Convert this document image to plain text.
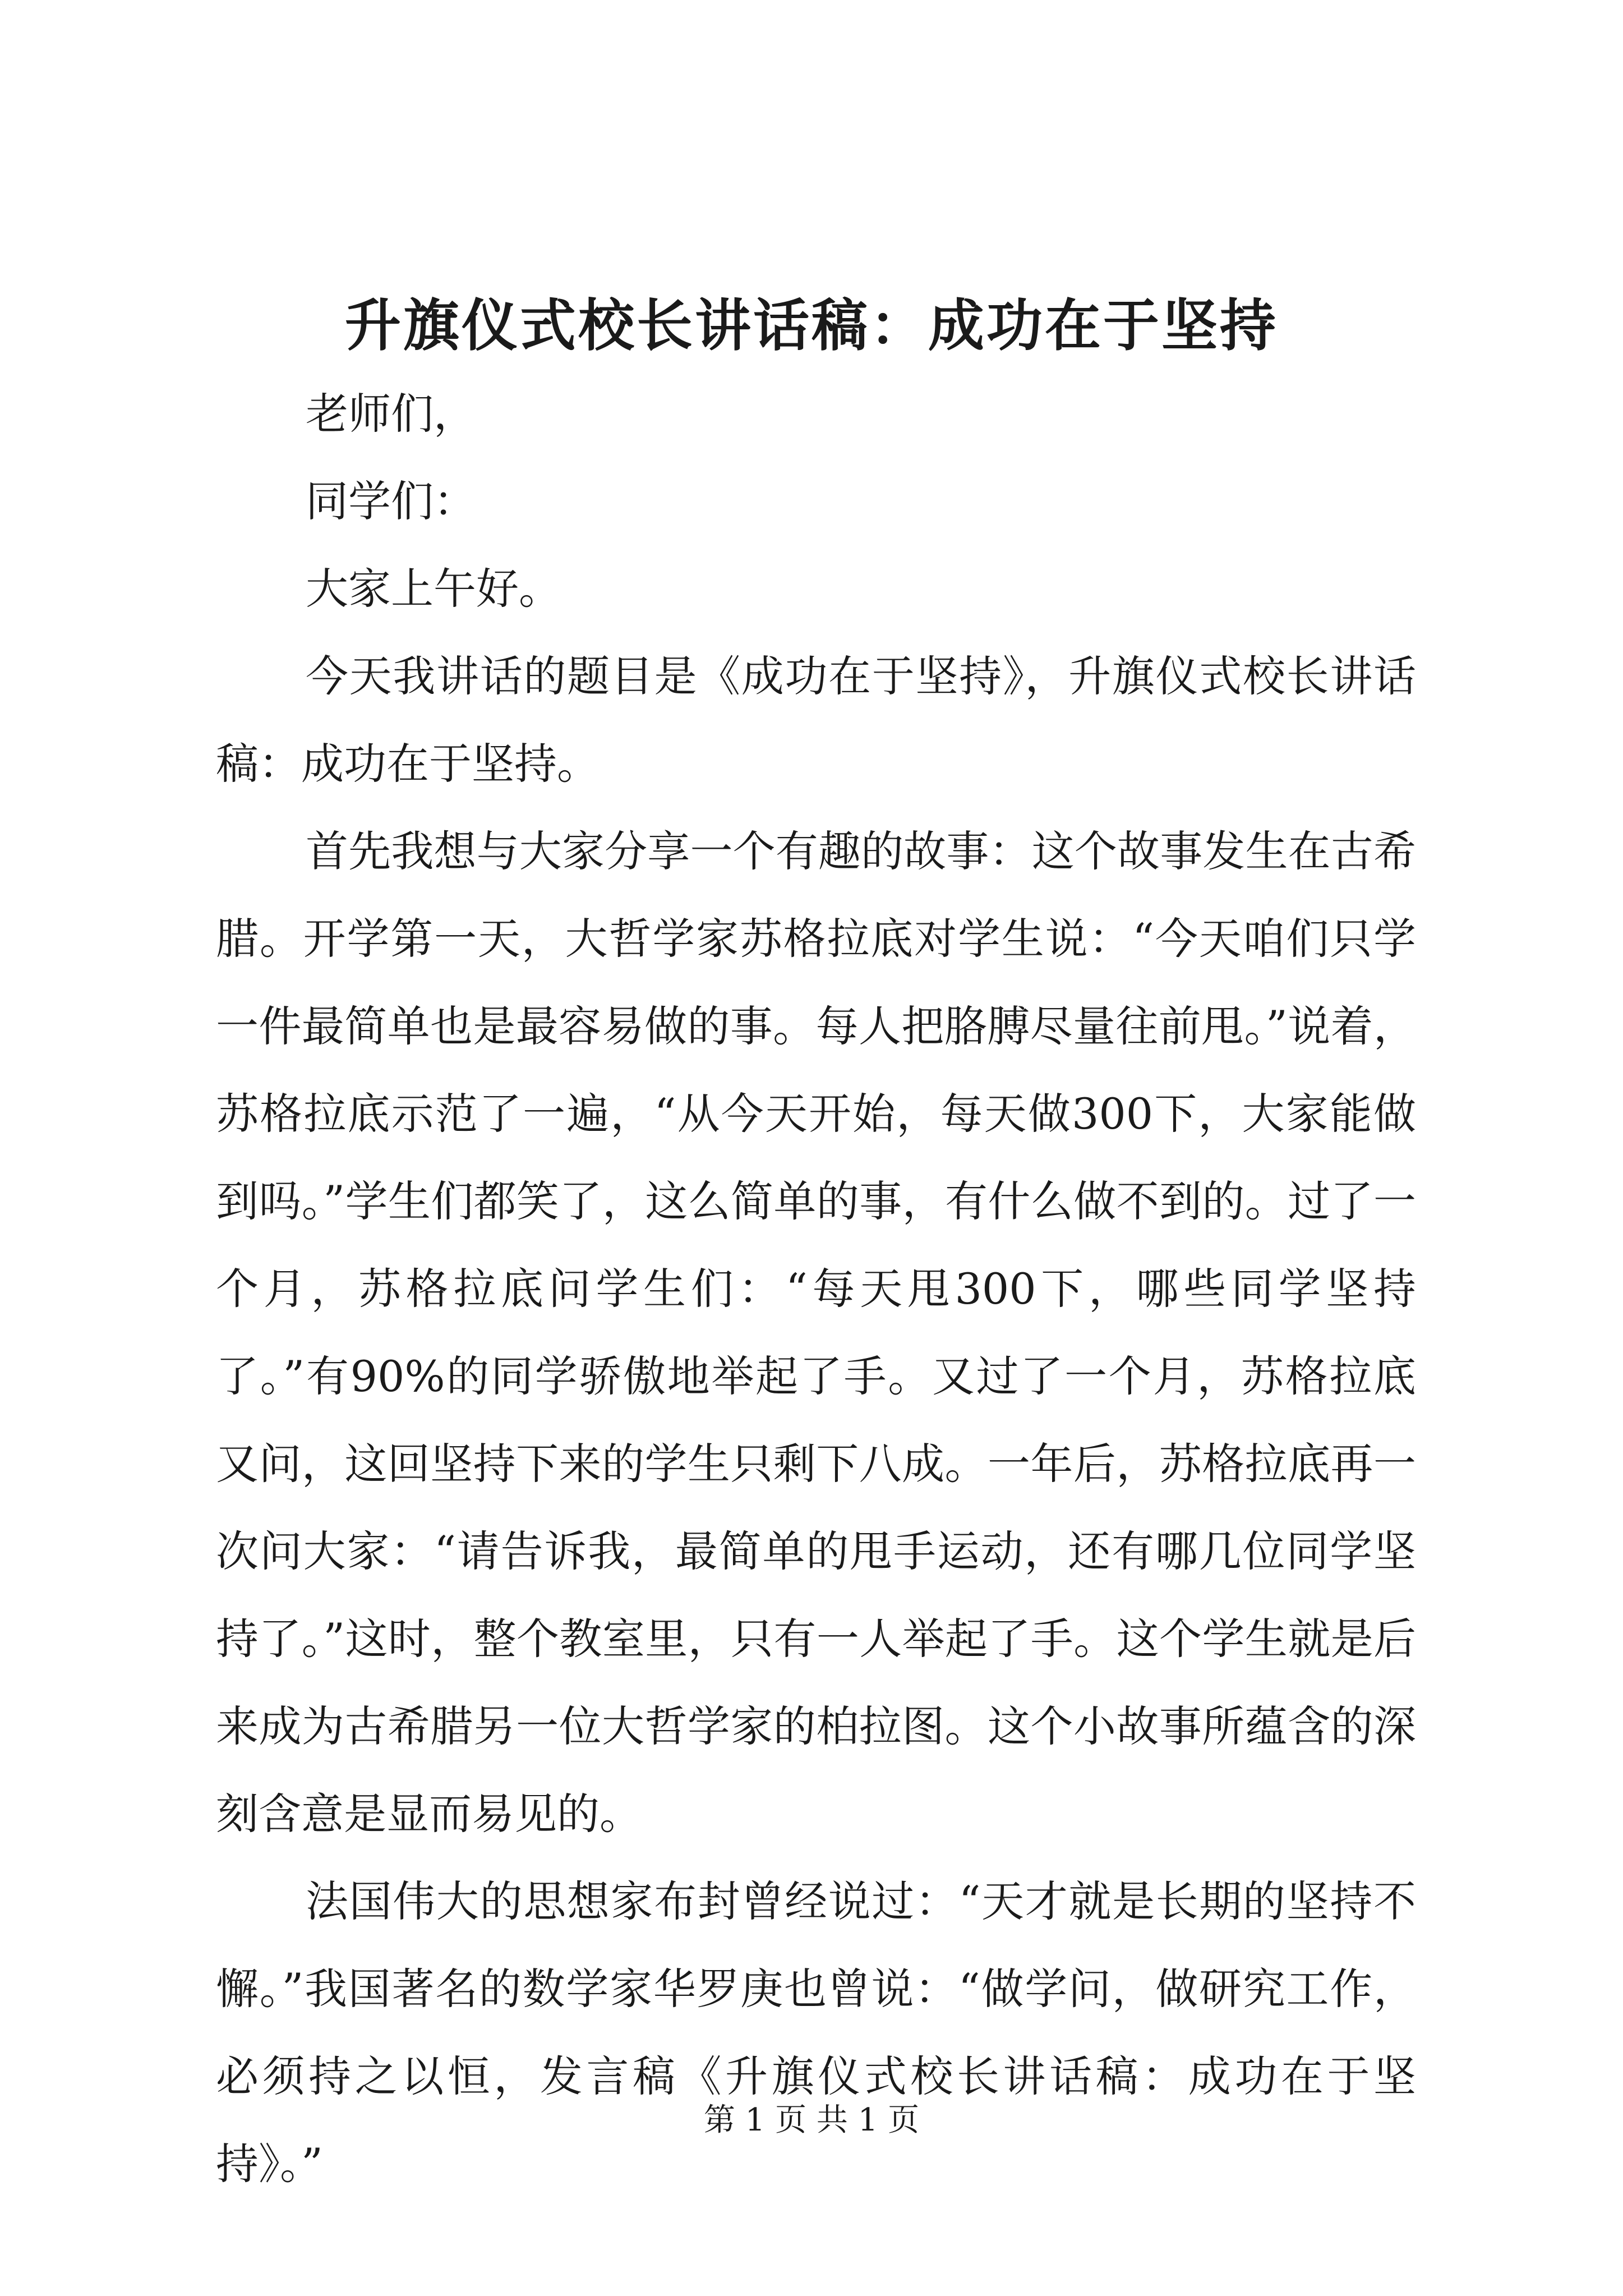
升旗仪式校长讲话稿：成功在于坚持

老师们，

同学们：

大家上午好。

今天我讲话的题目是《成功在于坚持》，升旗仪式校长讲话稿：成功在于坚持。

首先我想与大家分享一个有趣的故事：这个故事发生在古希腊。开学第一天，大哲学家苏格拉底对学生说：“今天咱们只学一件最简单也是最容易做的事。每人把胳膊尽量往前甩。”说着，苏格拉底示范了一遍，“从今天开始，每天做300下，大家能做到吗。”学生们都笑了，这么简单的事，有什么做不到的。过了一个月，苏格拉底问学生们：“每天甩300下，哪些同学坚持了。”有90%的同学骄傲地举起了手。又过了一个月，苏格拉底又问，这回坚持下来的学生只剩下八成。一年后，苏格拉底再一次问大家：“请告诉我，最简单的甩手运动，还有哪几位同学坚持了。”这时，整个教室里，只有一人举起了手。这个学生就是后来成为古希腊另一位大哲学家的柏拉图。这个小故事所蕴含的深刻含意是显而易见的。

法国伟大的思想家布封曾经说过：“天才就是长期的坚持不懈。”我国著名的数学家华罗庚也曾说：“做学问，做研究工作，必须持之以恒，发言稿《升旗仪式校长讲话稿：成功在于坚持》。”

第 1 页 共 1 页
